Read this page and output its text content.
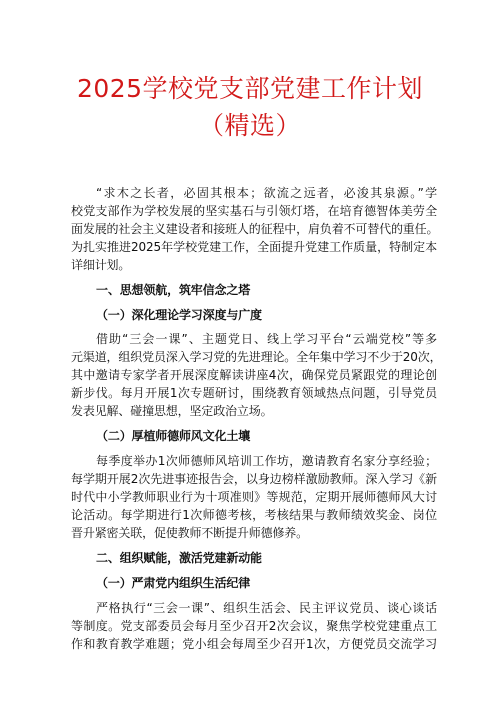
2025学校党支部党建工作计划
（精选）
“求木之长者，必固其根本；欲流之远者，必浚其泉源。”学
校党支部作为学校发展的坚实基石与引领灯塔，在培育德智体美劳全
面发展的社会主义建设者和接班人的征程中，肩负着不可替代的重任。
为扎实推进2025年学校党建工作，全面提升党建工作质量，特制定本
详细计划。
一、思想领航，筑牢信念之塔
（一）深化理论学习深度与广度
借助“三会一课”、主题党日、线上学习平台“云端党校”等多
元渠道，组织党员深入学习党的先进理论。全年集中学习不少于20次，
其中邀请专家学者开展深度解读讲座4次，确保党员紧跟党的理论创
新步伐。每月开展1次专题研讨，围绕教育领域热点问题，引导党员
发表见解、碰撞思想，坚定政治立场。
（二）厚植师德师风文化土壤
每季度举办1次师德师风培训工作坊，邀请教育名家分享经验；
每学期开展2次先进事迹报告会，以身边榜样激励教师。深入学习《新
时代中小学教师职业行为十项准则》等规范，定期开展师德师风大讨
论活动。每学期进行1次师德考核，考核结果与教师绩效奖金、岗位
晋升紧密关联，促使教师不断提升师德修养。
二、组织赋能，激活党建新动能
（一）严肃党内组织生活纪律
严格执行“三会一课”、组织生活会、民主评议党员、谈心谈话
等制度。党支部委员会每月至少召开2次会议，聚焦学校党建重点工
作和教育教学难题；党小组会每周至少召开1次，方便党员交流学习
